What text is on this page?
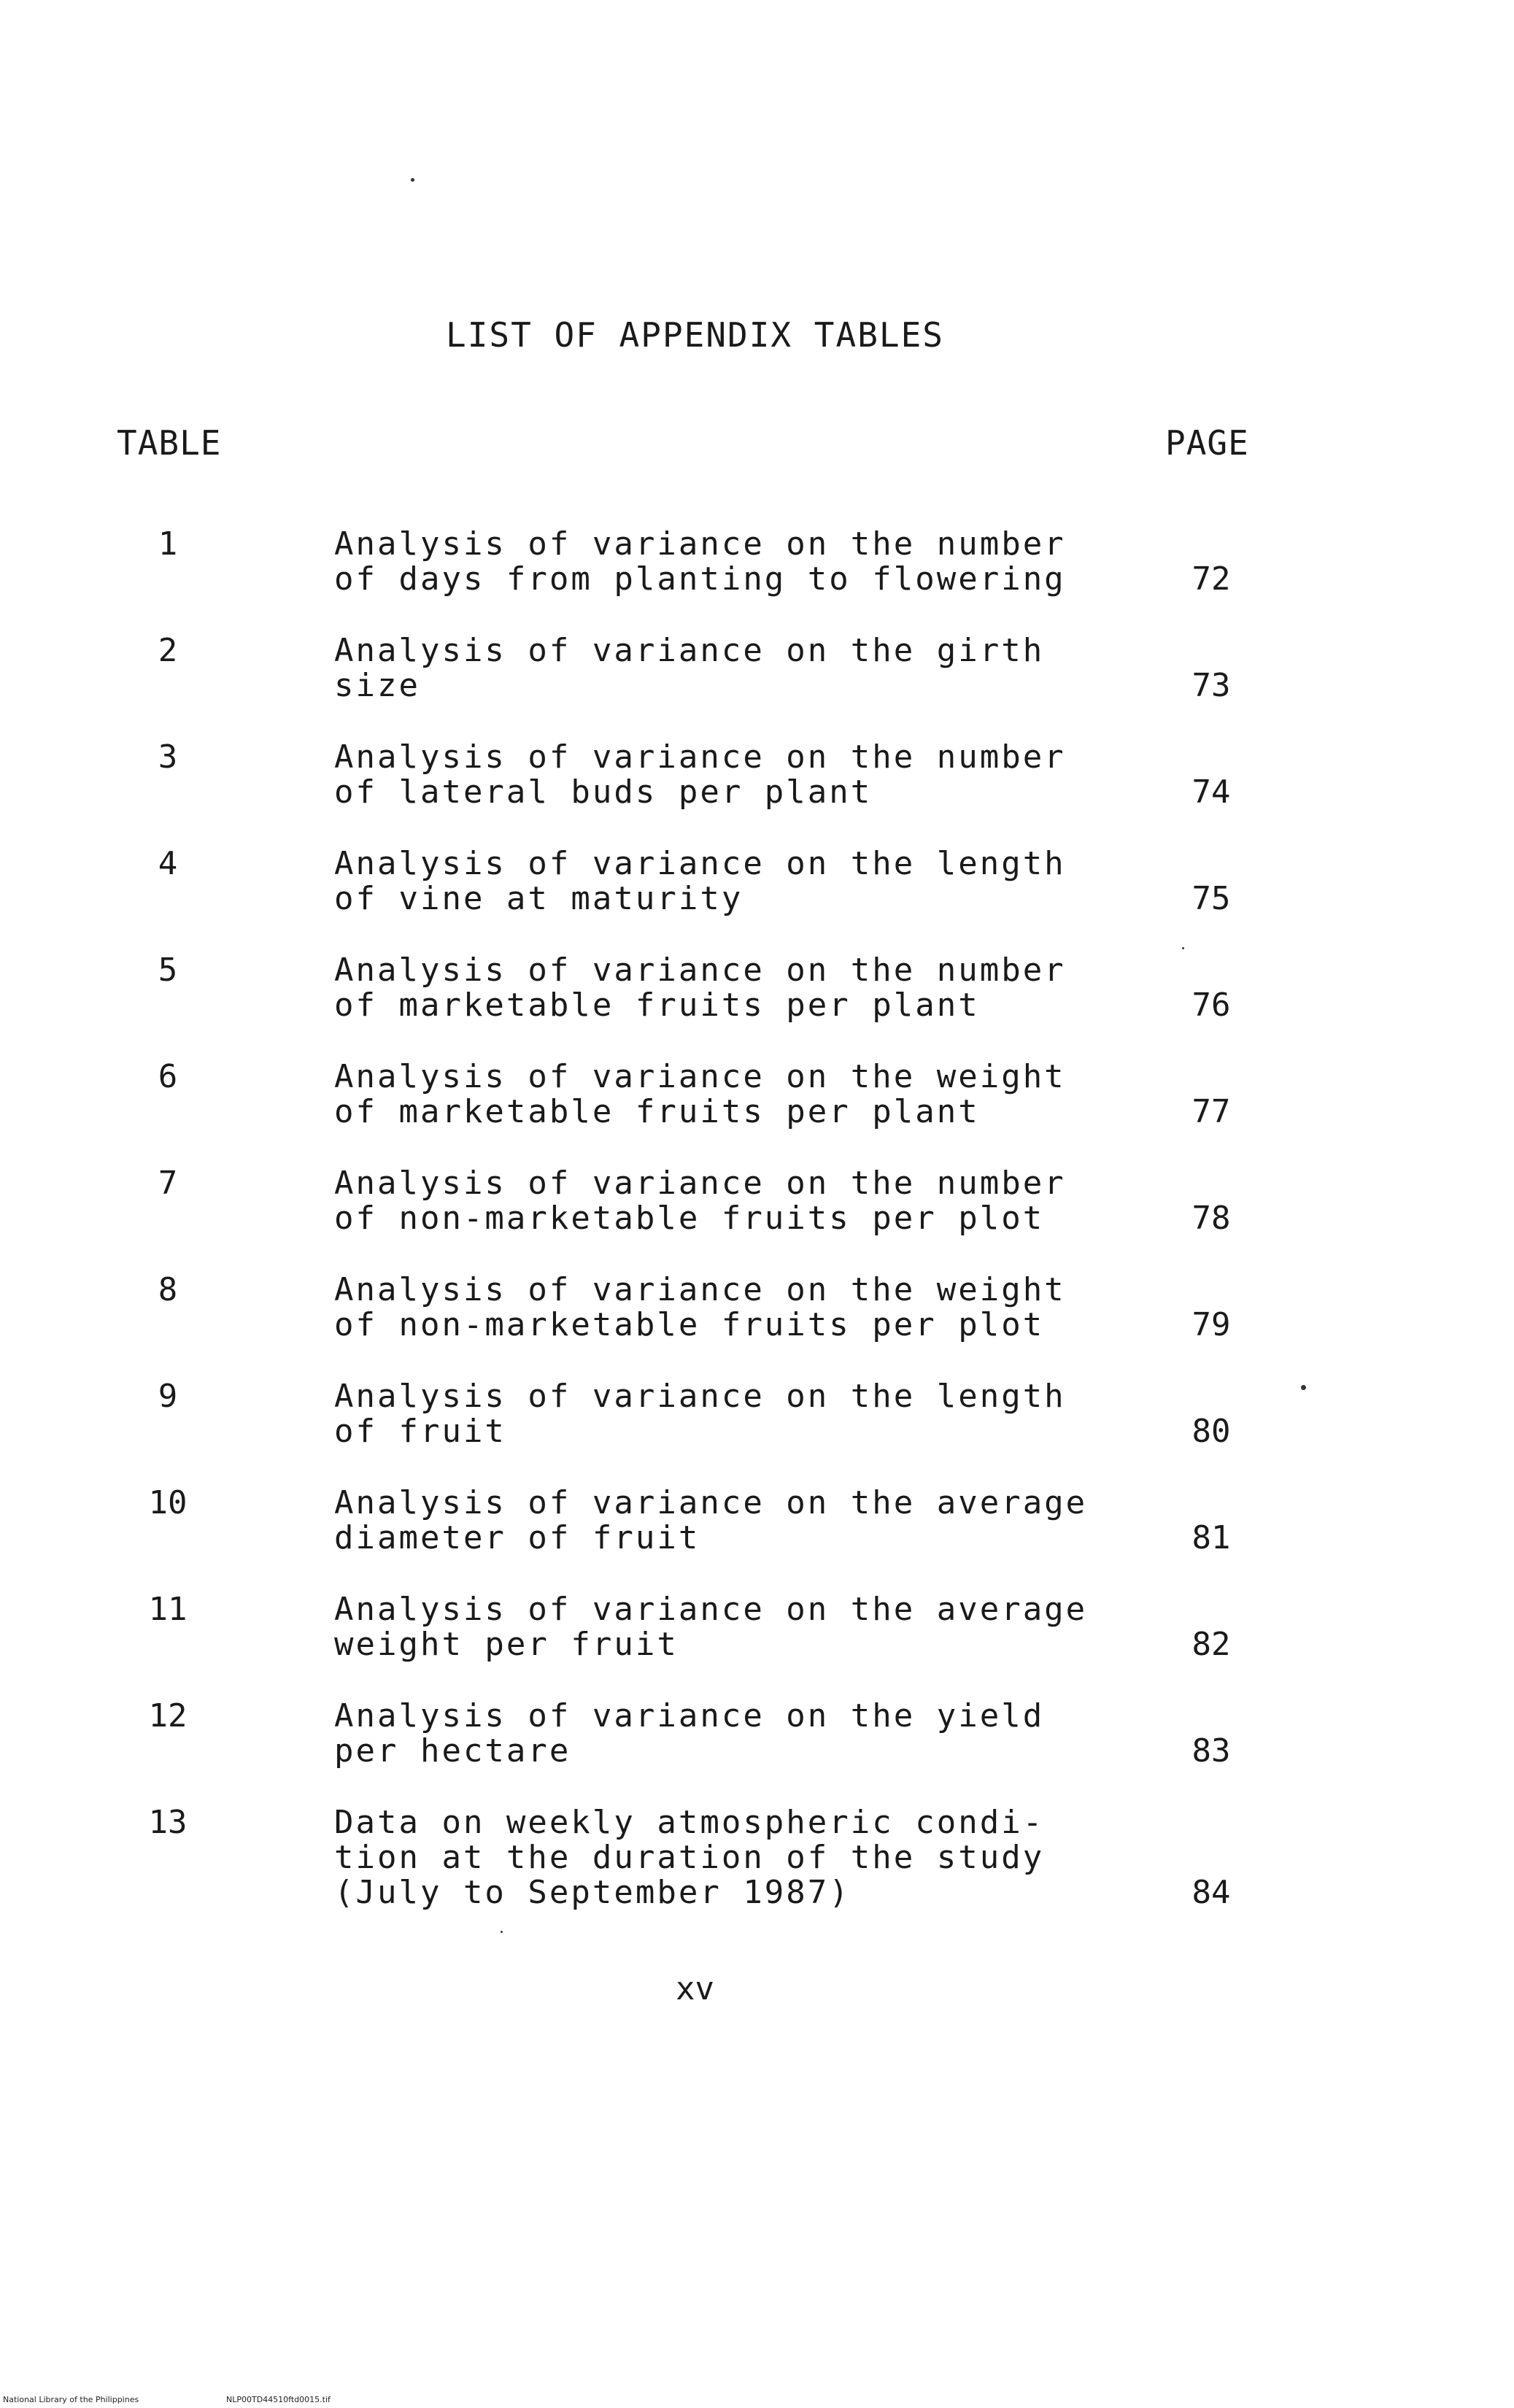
LIST OF APPENDIX TABLES
TABLE	PAGE
1	Analysis of variance on the number
of days from planting to flowering	72
2	Analysis of variance on the girth
size	73
3	Analysis of variance on the number
of lateral buds per plant	74
4	Analysis of variance on the length
of vine at maturity	75
5	Analysis of variance on the number
of marketable fruits per plant	76
6	Analysis of variance on the weight
of marketable fruits per plant	77
7	Analysis of variance on the number
of non-marketable fruits per plot	78
8	Analysis of variance on the weight
of non-marketable fruits per plot	79
9	Analysis of variance on the length
of fruit	80
10	Analysis of variance on the average
diameter of fruit	81
11	Analysis of variance on the average
weight per fruit	82
12	Analysis of variance on the yield
per hectare	83
13	Data on weekly atmospheric condi-
tion at the duration of the study
(July to September 1987)	84
xv
National Library of the Philippines	NLP00TD44510ftd0015.tif
